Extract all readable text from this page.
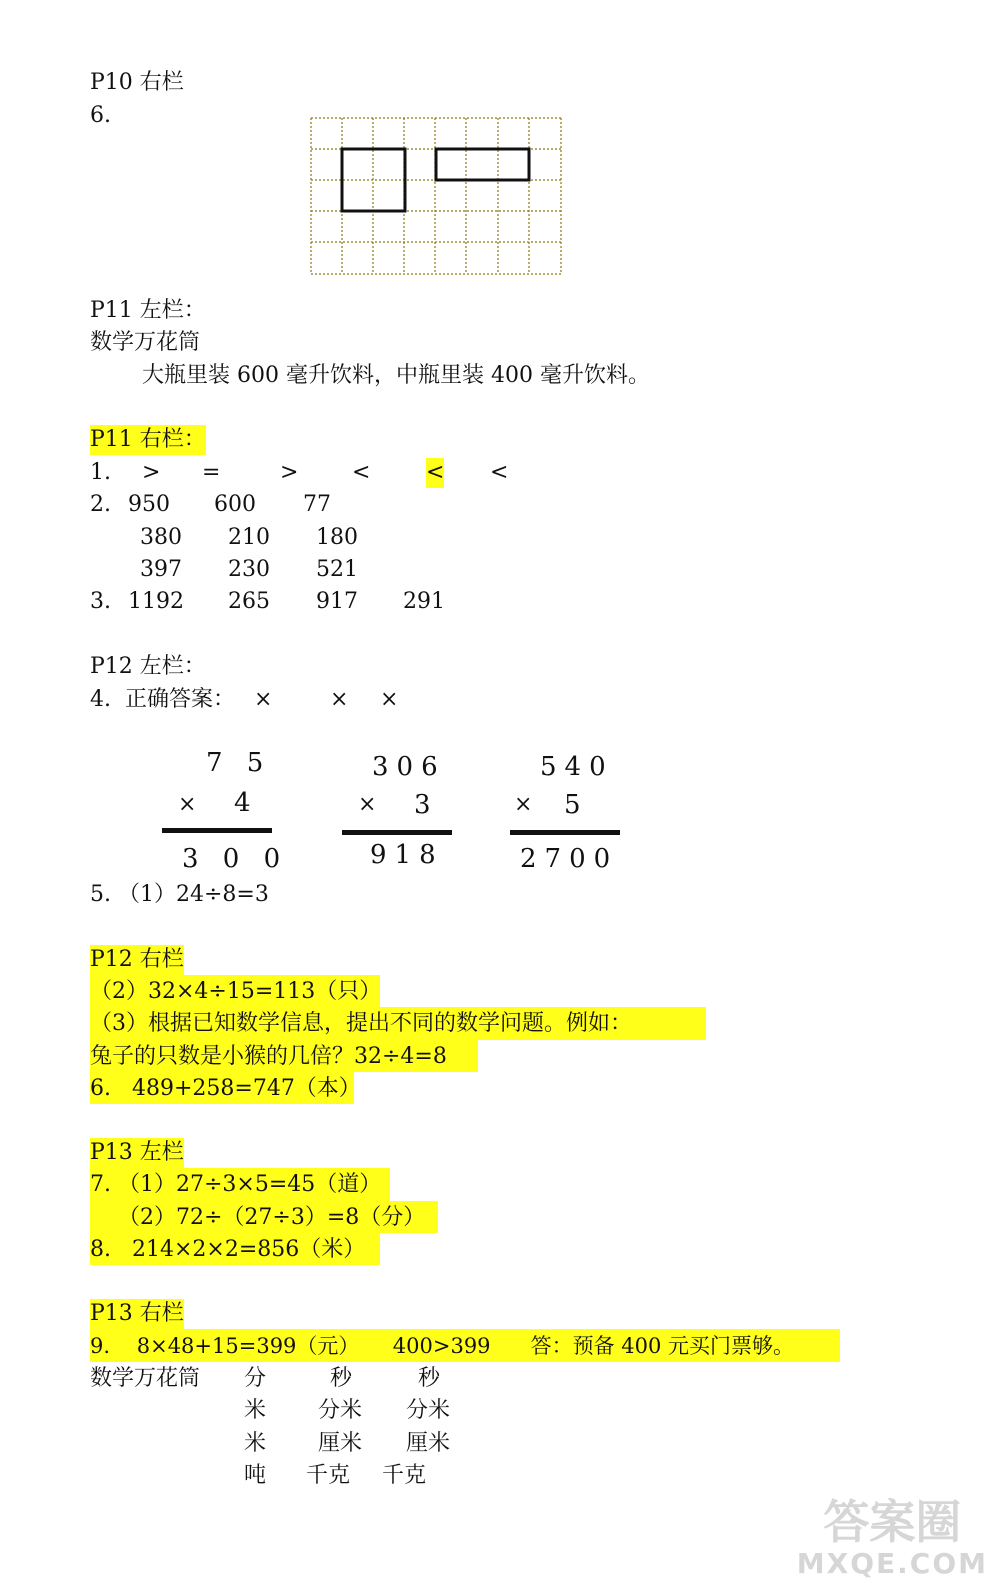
P10 右栏
6.
P11 左栏：
数学万花筒
大瓶里装 600 毫升饮料，中瓶里装 400 毫升饮料。
P11 右栏：
1. > =	> <	< <
2. 950 600 77
380 210 180
397 230 521
3. 1192 265 917 291
P12 左栏：
4.  正确答案： ×	× ×
7 5
× 4
3 0 0
306
× 3
918
540
× 5
2700
5. （1）24÷8=3
P12 右栏
（2）32×4÷15=113（只）
（3）根据已知数学信息，提出不同的数学问题。例如：
兔子的只数是小猴的几倍？32÷4=8
6.   489+258=747（本）
P13 左栏
7. （1）27÷3×5=45（道）
（2）72÷（27÷3）=8（分）
8.   214×2×2=856（米）
P13 右栏
9.    8×48+15=399（元）     400>399      答：预备 400 元买门票够。
数学万花筒 分	秒	秒
米 分米 分米
米 厘米 厘米
吨 千克 千克
答案圈
MXQE.COM
